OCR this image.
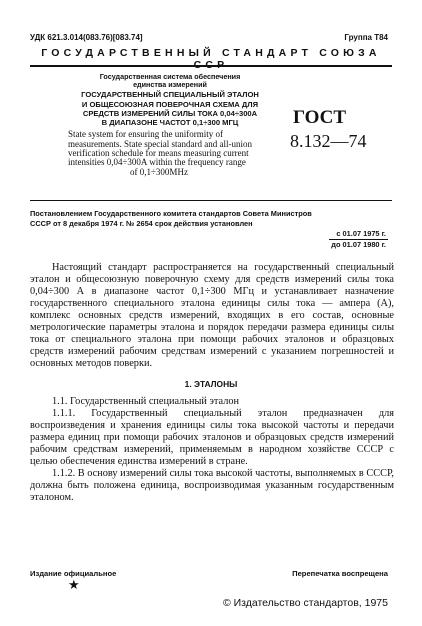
УДК 621.3.014(083.76)[083.74]	Группа Т84
ГОСУДАРСТВЕННЫЙ СТАНДАРТ СОЮЗА ССР
Государственная система обеспечения
единства измерений
ГОСУДАРСТВЕННЫЙ СПЕЦИАЛЬНЫЙ ЭТАЛОН
И ОБЩЕСОЮЗНАЯ ПОВЕРОЧНАЯ СХЕМА ДЛЯ
СРЕДСТВ ИЗМЕРЕНИЙ СИЛЫ ТОКА 0,04÷300А
В ДИАПАЗОНЕ ЧАСТОТ 0,1÷300 МГЦ
State system for ensuring the uniformity of
measurements. State special standard and all-union
verification schedule for means measuring current
intensities 0,04÷300A within the frequency range
of 0,1÷300MHz
ГОСТ
8.132—74
Постановлением Государственного комитета стандартов Совета Министров
СССР от 8 декабря 1974 г. № 2654 срок действия установлен
с 01.07 1975 г.
до 01.07 1980 г.

Настоящий стандарт распространяется на государственный специальный эталон и общесоюзную поверочную схему для средств измерений силы тока 0,04÷300 А в диапазоне частот 0,1÷300 МГц и устанавливает назначение государственного специального эталона единицы силы тока — ампера (А), комплекс основных средств измерений, входящих в его состав, основные метрологические параметры эталона и порядок передачи размера единицы силы тока от специального эталона при помощи рабочих эталонов и образцовых средств измерений рабочим средствам измерений с указанием погрешностей и основных методов поверки.

1. ЭТАЛОНЫ

1.1. Государственный специальный эталон

1.1.1. Государственный специальный эталон предназначен для воспроизведения и хранения единицы силы тока высокой частоты и передачи размера единиц при помощи рабочих эталонов и образцовых средств измерений рабочим средствам измерений, применяемым в народном хозяйстве СССР с целью обеспечения единства измерений в стране.

1.1.2. В основу измерений силы тока высокой частоты, выполняемых в СССР, должна быть положена единица, воспроизводимая указанным государственным эталоном.

Издание официальное
★
Перепечатка воспрещена
© Издательство стандартов, 1975
